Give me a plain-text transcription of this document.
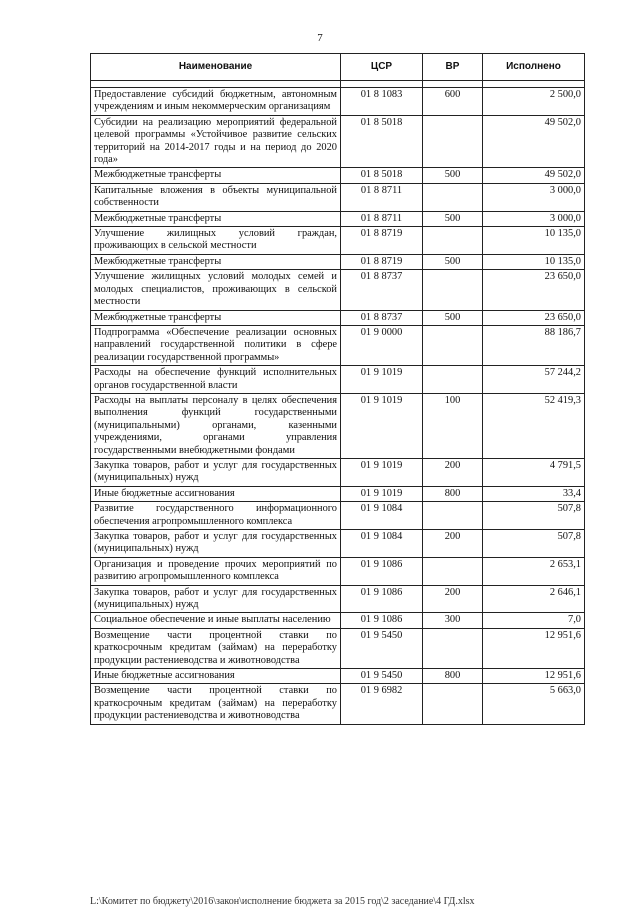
7
Наименование	ЦСР	ВР	Исполнено

Предоставление субсидий бюджетным, автономным учреждениям и иным некоммерческим организациям	01 8 1083	600	2 500,0
Субсидии на реализацию мероприятий федеральной целевой программы «Устойчивое развитие сельских территорий на 2014-2017 годы и на период до 2020 года»	01 8 5018		49 502,0
Межбюджетные трансферты	01 8 5018	500	49 502,0
Капитальные вложения в объекты муниципальной собственности	01 8 8711		3 000,0
Межбюджетные трансферты	01 8 8711	500	3 000,0
Улучшение жилищных условий граждан, проживающих в сельской местности	01 8 8719		10 135,0
Межбюджетные трансферты	01 8 8719	500	10 135,0
Улучшение жилищных условий молодых семей и молодых специалистов, проживающих в сельской местности	01 8 8737		23 650,0
Межбюджетные трансферты	01 8 8737	500	23 650,0
Подпрограмма «Обеспечение реализации основных направлений государственной политики в сфере реализации государственной программы»	01 9 0000		88 186,7
Расходы на обеспечение функций исполнительных органов государственной власти	01 9 1019		57 244,2
Расходы на выплаты персоналу в целях обеспечения выполнения функций государственными (муниципальными) органами, казенными учреждениями, органами управления государственными внебюджетными фондами	01 9 1019	100	52 419,3
Закупка товаров, работ и услуг для государственных (муниципальных) нужд	01 9 1019	200	4 791,5
Иные бюджетные ассигнования	01 9 1019	800	33,4
Развитие государственного информационного обеспечения агропромышленного комплекса	01 9 1084		507,8
Закупка товаров, работ и услуг для государственных (муниципальных) нужд	01 9 1084	200	507,8
Организация и проведение прочих мероприятий по развитию агропромышленного комплекса	01 9 1086		2 653,1
Закупка товаров, работ и услуг для государственных (муниципальных) нужд	01 9 1086	200	2 646,1
Социальное обеспечение и иные выплаты населению	01 9 1086	300	7,0
Возмещение части процентной ставки по краткосрочным кредитам (займам) на переработку продукции растениеводства и животноводства	01 9 5450		12 951,6
Иные бюджетные ассигнования	01 9 5450	800	12 951,6
Возмещение части процентной ставки по краткосрочным кредитам (займам) на переработку продукции растениеводства и животноводства	01 9 6982		5 663,0
L:\Комитет по бюджету\2016\закон\исполнение бюджета за 2015 год\2 заседание\4 ГД.xlsx
